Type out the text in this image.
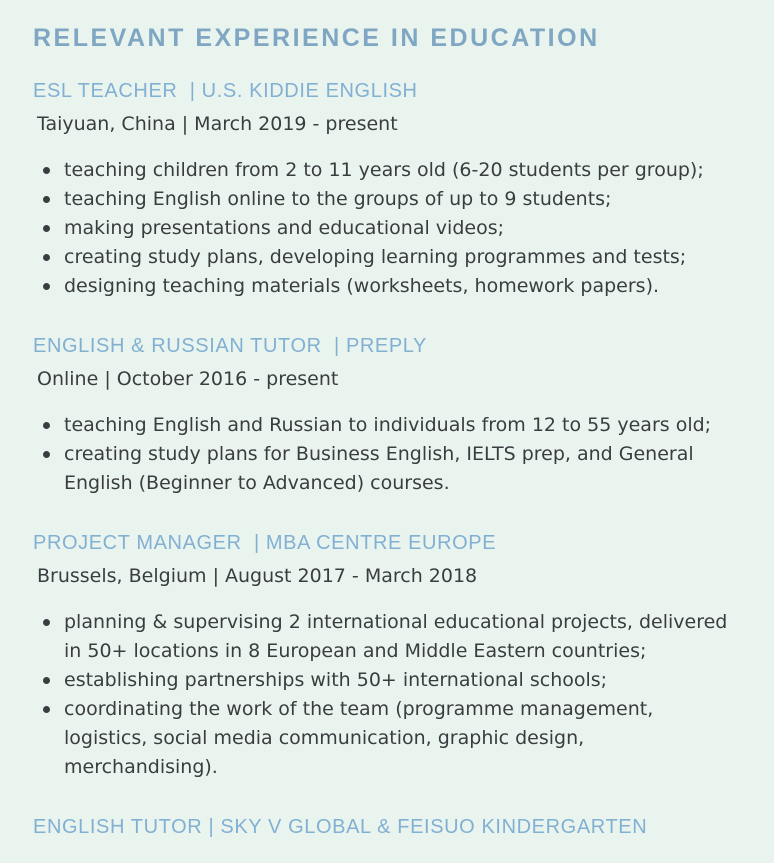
RELEVANT EXPERIENCE IN EDUCATION
ESL TEACHER  | U.S. KIDDIE ENGLISH

Taiyuan, China | March 2019 - present

teaching children from 2 to 11 years old (6-20 students per group);
teaching English online to the groups of up to 9 students;
making presentations and educational videos;
creating study plans, developing learning programmes and tests;
designing teaching materials (worksheets, homework papers).
ENGLISH & RUSSIAN TUTOR  | PREPLY

Online | October 2016 - present

teaching English and Russian to individuals from 12 to 55 years old;
creating study plans for Business English, IELTS prep, and General English (Beginner to Advanced) courses.
PROJECT MANAGER  | MBA CENTRE EUROPE

Brussels, Belgium | August 2017 - March 2018

planning & supervising 2 international educational projects, delivered in 50+ locations in 8 European and Middle Eastern countries;
establishing partnerships with 50+ international schools;
coordinating the work of the team (programme management, logistics, social media communication, graphic design, merchandising).
ENGLISH TUTOR | SKY V GLOBAL & FEISUO KINDERGARTEN
